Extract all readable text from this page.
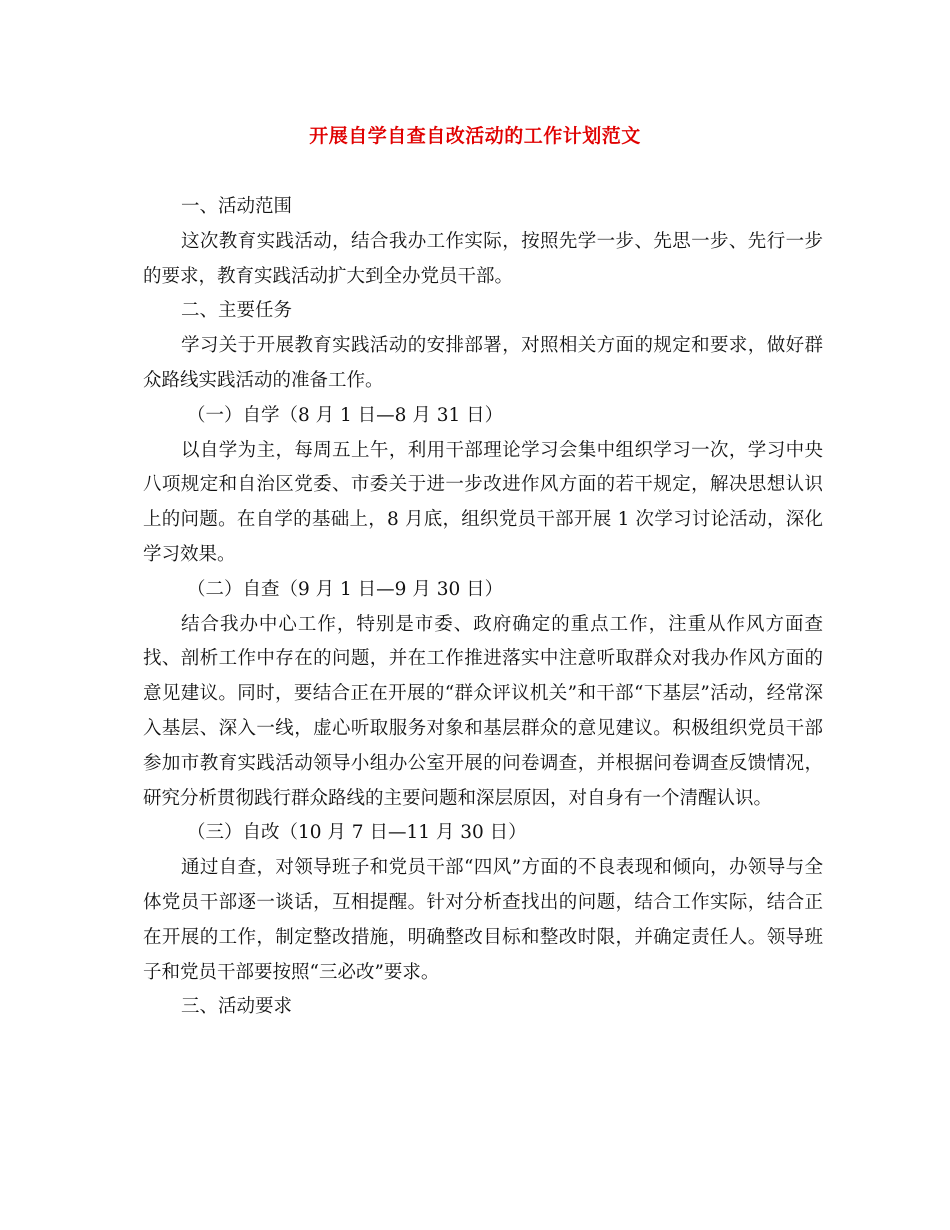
开展自学自查自改活动的工作计划范文

一、活动范围

这次教育实践活动，结合我办工作实际，按照先学一步、先思一步、先行一步的要求，教育实践活动扩大到全办党员干部。

二、主要任务

学习关于开展教育实践活动的安排部署，对照相关方面的规定和要求，做好群众路线实践活动的准备工作。

（一）自学（8 月 1 日—8 月 31 日）

以自学为主，每周五上午，利用干部理论学习会集中组织学习一次，学习中央八项规定和自治区党委、市委关于进一步改进作风方面的若干规定，解决思想认识上的问题。在自学的基础上，8 月底，组织党员干部开展 1 次学习讨论活动，深化学习效果。

（二）自查（9 月 1 日—9 月 30 日）

结合我办中心工作，特别是市委、政府确定的重点工作，注重从作风方面查找、剖析工作中存在的问题，并在工作推进落实中注意听取群众对我办作风方面的意见建议。同时，要结合正在开展的“群众评议机关”和干部“下基层”活动，经常深入基层、深入一线，虚心听取服务对象和基层群众的意见建议。积极组织党员干部参加市教育实践活动领导小组办公室开展的问卷调查，并根据问卷调查反馈情况，研究分析贯彻践行群众路线的主要问题和深层原因，对自身有一个清醒认识。

（三）自改（10 月 7 日—11 月 30 日）

通过自查，对领导班子和党员干部“四风”方面的不良表现和倾向，办领导与全体党员干部逐一谈话，互相提醒。针对分析查找出的问题，结合工作实际，结合正在开展的工作，制定整改措施，明确整改目标和整改时限，并确定责任人。领导班子和党员干部要按照“三必改”要求。

三、活动要求
